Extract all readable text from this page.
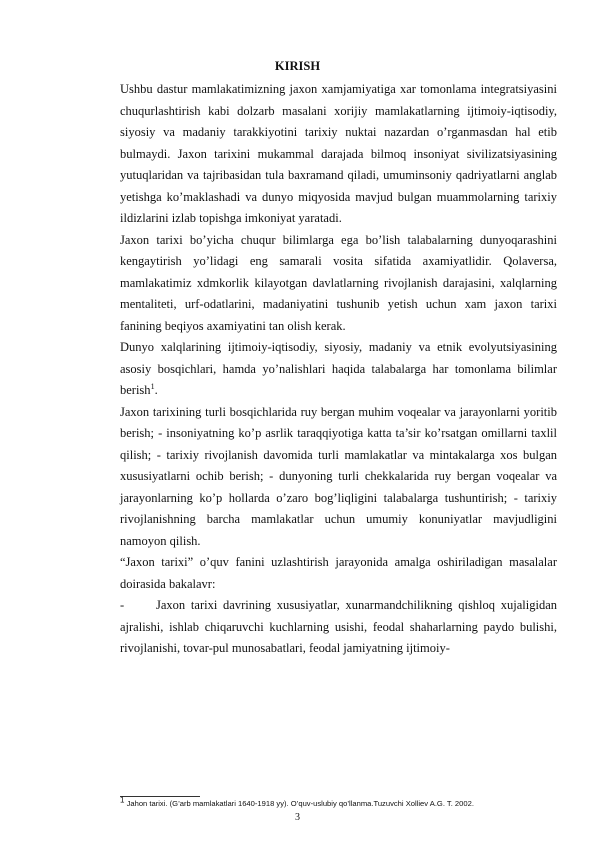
KIRISH

Ushbu dastur mamlakatimizning jaxon xamjamiyatiga xar tomonlama integratsiyasini chuqurlashtirish kabi dolzarb masalani xorijiy mamlakatlarning ijtimoiy-iqtisodiy, siyosiy va madaniy tarakkiyotini tarixiy nuktai nazardan o’rganmasdan hal etib bulmaydi. Jaxon tarixini mukammal darajada bilmoq insoniyat sivilizatsiyasining yutuqlaridan va tajribasidan tula baxramand qiladi, umuminsoniy qadriyatlarni anglab yetishga ko’maklashadi va dunyo miqyosida mavjud bulgan muammolarning tarixiy ildizlarini izlab topishga imkoniyat yaratadi.

Jaxon tarixi bo’yicha chuqur bilimlarga ega bo’lish talabalarning dunyoqarashini kengaytirish yo’lidagi eng samarali vosita sifatida axamiyatlidir. Qolaversa, mamlakatimiz xdmkorlik kilayotgan davlatlarning rivojlanish darajasini, xalqlarning mentaliteti, urf-odatlarini, madaniyatini tushunib yetish uchun xam jaxon tarixi fanining beqiyos axamiyatini tan olish kerak.

Dunyo xalqlarining ijtimoiy-iqtisodiy, siyosiy, madaniy va etnik evolyutsiyasining asosiy bosqichlari, hamda yo’nalishlari haqida talabalarga har tomonlama bilimlar berish$^1$.

Jaxon tarixining turli bosqichlarida ruy bergan muhim voqealar va jarayonlarni yoritib berish; - insoniyatning ko’p asrlik taraqqiyotiga katta ta’sir ko’rsatgan omillarni taxlil qilish; - tarixiy rivojlanish davomida turli mamlakatlar va mintakalarga xos bulgan xususiyatlarni ochib berish; - dunyoning turli chekkalarida ruy bergan voqealar va jarayonlarning ko’p hollarda o’zaro bog’liqligini talabalarga tushuntirish; - tarixiy rivojlanishning barcha mamlakatlar uchun umumiy konuniyatlar mavjudligini namoyon qilish.

“Jaxon tarixi” o’quv fanini uzlashtirish jarayonida amalga oshiriladigan masalalar doirasida bakalavr:

-	Jaxon tarixi davrining xususiyatlar, xunarmandchilikning qishloq xujaligidan ajralishi, ishlab chiqaruvchi kuchlarning usishi, feodal shaharlarning paydo bulishi, rivojlanishi, tovar-pul munosabatlari, feodal jamiyatning ijtimoiy-

1 Jahon tarixi. (G’arb mamlakatlari 1640-1918 yy). O’quv-uslubiy qo’llanma.Tuzuvchi Xolliev A.G. T. 2002.
3
